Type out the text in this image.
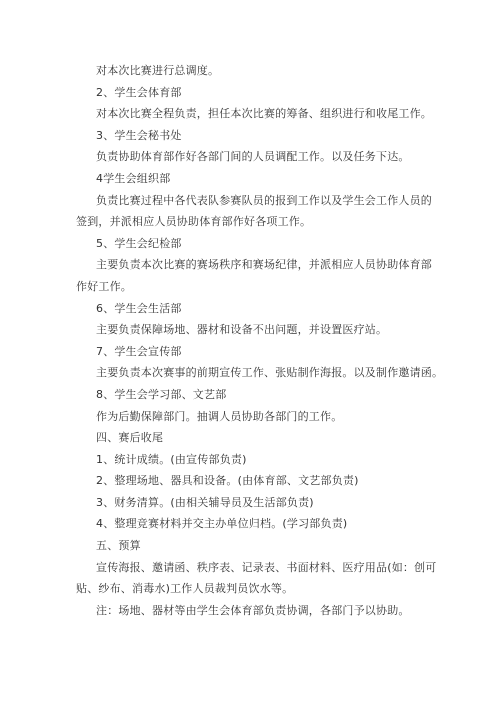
对本次比赛进行总调度。
2、学生会体育部
对本次比赛全程负责，担任本次比赛的筹备、组织进行和收尾工作。
3、学生会秘书处
负责协助体育部作好各部门间的人员调配工作。以及任务下达。
4学生会组织部
负责比赛过程中各代表队参赛队员的报到工作以及学生会工作人员的签到，并派相应人员协助体育部作好各项工作。
5、学生会纪检部
主要负责本次比赛的赛场秩序和赛场纪律，并派相应人员协助体育部作好工作。
6、学生会生活部
主要负责保障场地、器材和设备不出问题，并设置医疗站。
7、学生会宣传部
主要负责本次赛事的前期宣传工作、张贴制作海报。以及制作邀请函。
8、学生会学习部、文艺部
作为后勤保障部门。抽调人员协助各部门的工作。
四、赛后收尾
1、统计成绩。(由宣传部负责)
2、整理场地、器具和设备。(由体育部、文艺部负责)
3、财务清算。(由相关辅导员及生活部负责)
4、整理竞赛材料并交主办单位归档。(学习部负责)
五、预算
宣传海报、邀请函、秩序表、记录表、书面材料、医疗用品(如：创可贴、纱布、消毒水)工作人员裁判员饮水等。
注：场地、器材等由学生会体育部负责协调，各部门予以协助。
